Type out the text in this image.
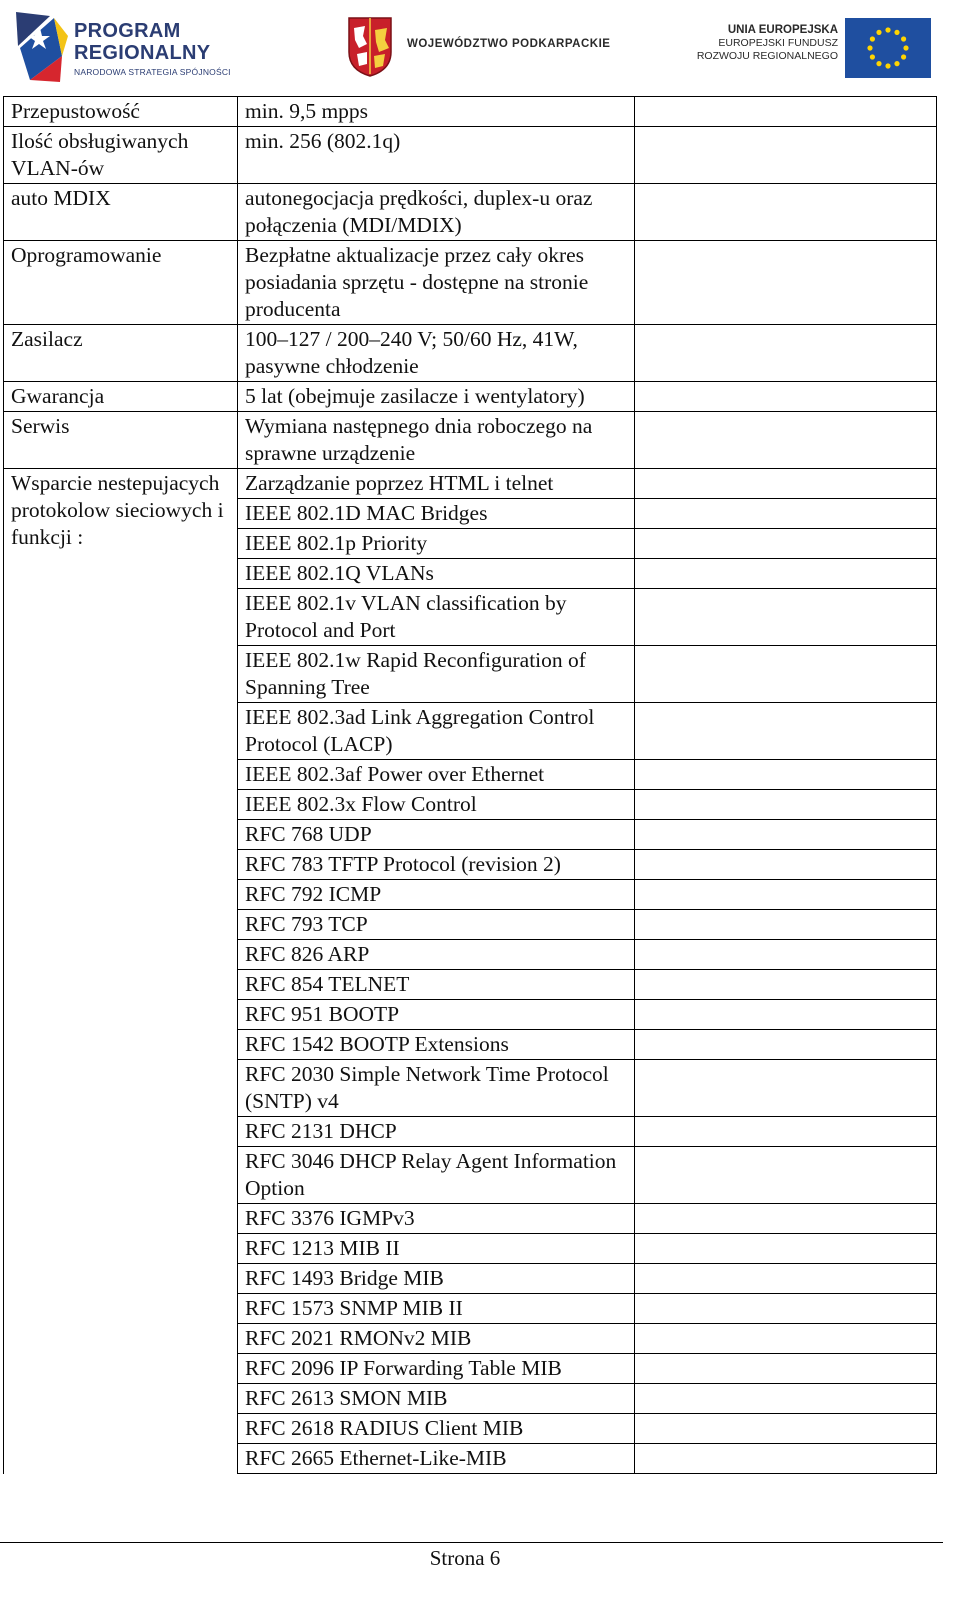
PROGRAM
REGIONALNY
NARODOWA STRATEGIA SPÓJNOŚCI
WOJEWÓDZTWO PODKARPACKIE
UNIA EUROPEJSKA
EUROPEJSKI FUNDUSZ
ROZWOJU REGIONALNEGO
Przepustowość	min. 9,5 mpps	
Ilość obsługiwanych VLAN-ów	min. 256 (802.1q)	
auto MDIX	autonegocjacja prędkości, duplex-u oraz połączenia (MDI/MDIX)	
Oprogramowanie	Bezpłatne aktualizacje przez cały okres posiadania sprzętu - dostępne na stronie producenta	
Zasilacz	100–127 / 200–240 V; 50/60 Hz, 41W, pasywne chłodzenie	
Gwarancja	5 lat (obejmuje zasilacze i wentylatory)	
Serwis	Wymiana następnego dnia roboczego na sprawne urządzenie	
Wsparcie nestepujacych protokolow sieciowych i funkcji :	Zarządzanie poprzez HTML i telnet	
	IEEE 802.1D MAC Bridges	
	IEEE 802.1p Priority	
	IEEE 802.1Q VLANs	
	IEEE 802.1v VLAN classification by Protocol and Port	
	IEEE 802.1w Rapid Reconfiguration of Spanning Tree	
	IEEE 802.3ad Link Aggregation Control Protocol (LACP)	
	IEEE 802.3af Power over Ethernet	
	IEEE 802.3x Flow Control	
	RFC 768 UDP	
	RFC 783 TFTP Protocol (revision 2)	
	RFC 792 ICMP	
	RFC 793 TCP	
	RFC 826 ARP	
	RFC 854 TELNET	
	RFC 951 BOOTP	
	RFC 1542 BOOTP Extensions	
	RFC 2030 Simple Network Time Protocol (SNTP) v4	
	RFC 2131 DHCP	
	RFC 3046 DHCP Relay Agent Information Option	
	RFC 3376 IGMPv3	
	RFC 1213 MIB II	
	RFC 1493 Bridge MIB	
	RFC 1573 SNMP MIB II	
	RFC 2021 RMONv2 MIB	
	RFC 2096 IP Forwarding Table MIB	
	RFC 2613 SMON MIB	
	RFC 2618 RADIUS Client MIB	
	RFC 2665 Ethernet-Like-MIB	
Strona 6
